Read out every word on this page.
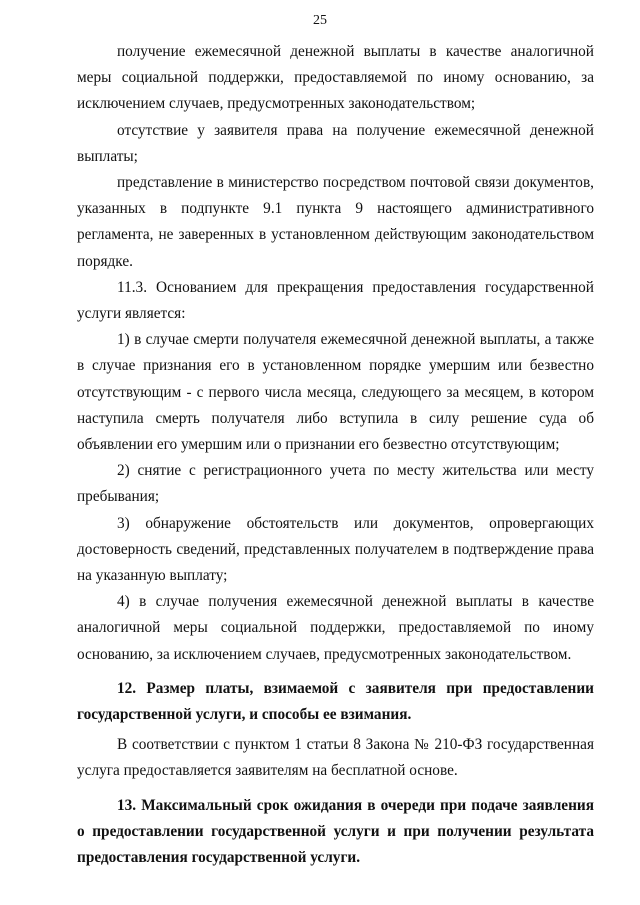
25

получение ежемесячной денежной выплаты в качестве аналогичной меры социальной поддержки, предоставляемой по иному основанию, за исключением случаев, предусмотренных законодательством;

отсутствие у заявителя права на получение ежемесячной денежной выплаты;

представление в министерство посредством почтовой связи документов, указанных в подпункте 9.1 пункта 9 настоящего административного регламента, не заверенных в установленном действующим законодательством порядке.

11.3. Основанием для прекращения предоставления государственной услуги является:

1) в случае смерти получателя ежемесячной денежной выплаты, а также в случае признания его в установленном порядке умершим или безвестно отсутствующим - с первого числа месяца, следующего за месяцем, в котором наступила смерть получателя либо вступила в силу решение суда об объявлении его умершим или о признании его безвестно отсутствующим;

2) снятие с регистрационного учета по месту жительства или месту пребывания;

3) обнаружение обстоятельств или документов, опровергающих достоверность сведений, представленных получателем в подтверждение права на указанную выплату;

4) в случае получения ежемесячной денежной выплаты в качестве аналогичной меры социальной поддержки, предоставляемой по иному основанию, за исключением случаев, предусмотренных законодательством.

12. Размер платы, взимаемой с заявителя при предоставлении государственной услуги, и способы ее взимания.

В соответствии с пунктом 1 статьи 8 Закона № 210-ФЗ государственная услуга предоставляется заявителям на бесплатной основе.

13. Максимальный срок ожидания в очереди при подаче заявления о предоставлении государственной услуги и при получении результата предоставления государственной услуги.
